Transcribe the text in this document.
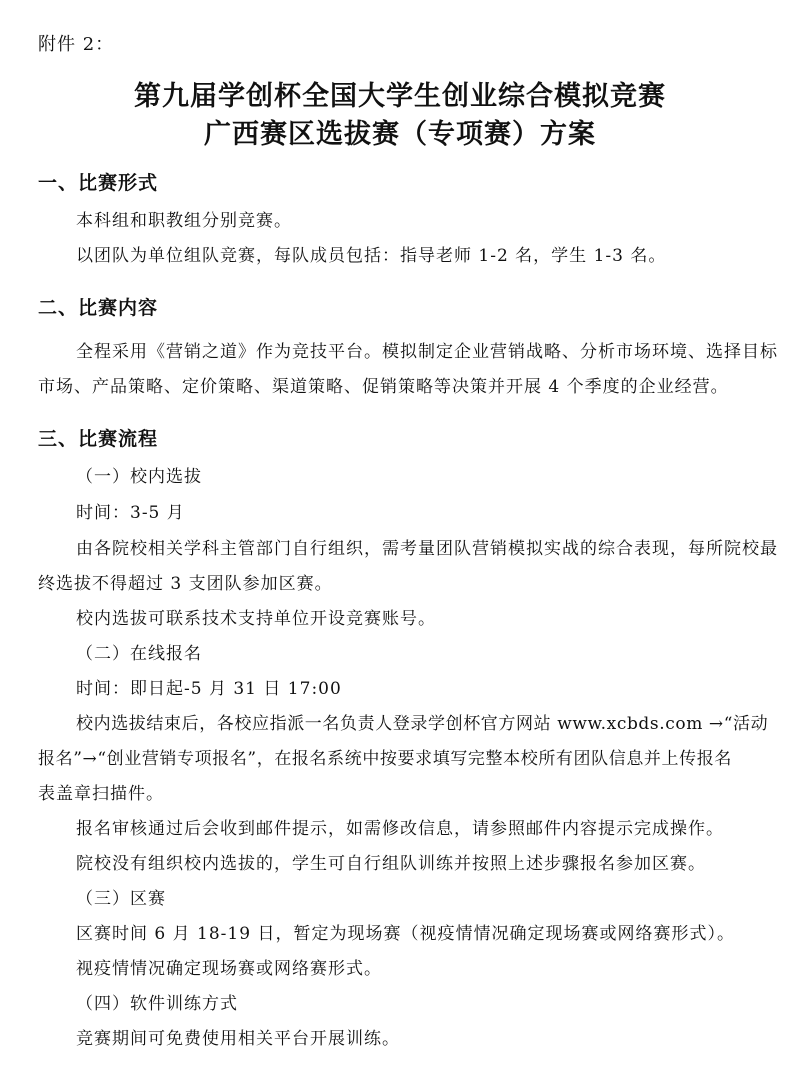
附件 2：
第九届学创杯全国大学生创业综合模拟竞赛
广西赛区选拔赛（专项赛）方案
一、比赛形式
本科组和职教组分别竞赛。
以团队为单位组队竞赛，每队成员包括：指导老师 1-2 名，学生 1-3 名。
二、比赛内容
全程采用《营销之道》作为竞技平台。模拟制定企业营销战略、分析市场环境、选择目标
市场、产品策略、定价策略、渠道策略、促销策略等决策并开展 4 个季度的企业经营。
三、比赛流程
（一）校内选拔
时间：3-5 月
由各院校相关学科主管部门自行组织，需考量团队营销模拟实战的综合表现，每所院校最
终选拔不得超过 3 支团队参加区赛。
校内选拔可联系技术支持单位开设竞赛账号。
（二）在线报名
时间：即日起-5 月 31 日 17:00
校内选拔结束后，各校应指派一名负责人登录学创杯官方网站 www.xcbds.com →“活动
报名”→“创业营销专项报名”，在报名系统中按要求填写完整本校所有团队信息并上传报名
表盖章扫描件。
报名审核通过后会收到邮件提示，如需修改信息，请参照邮件内容提示完成操作。
院校没有组织校内选拔的，学生可自行组队训练并按照上述步骤报名参加区赛。
（三）区赛
区赛时间 6 月 18-19 日，暂定为现场赛（视疫情情况确定现场赛或网络赛形式）。
视疫情情况确定现场赛或网络赛形式。
（四）软件训练方式
竞赛期间可免费使用相关平台开展训练。
